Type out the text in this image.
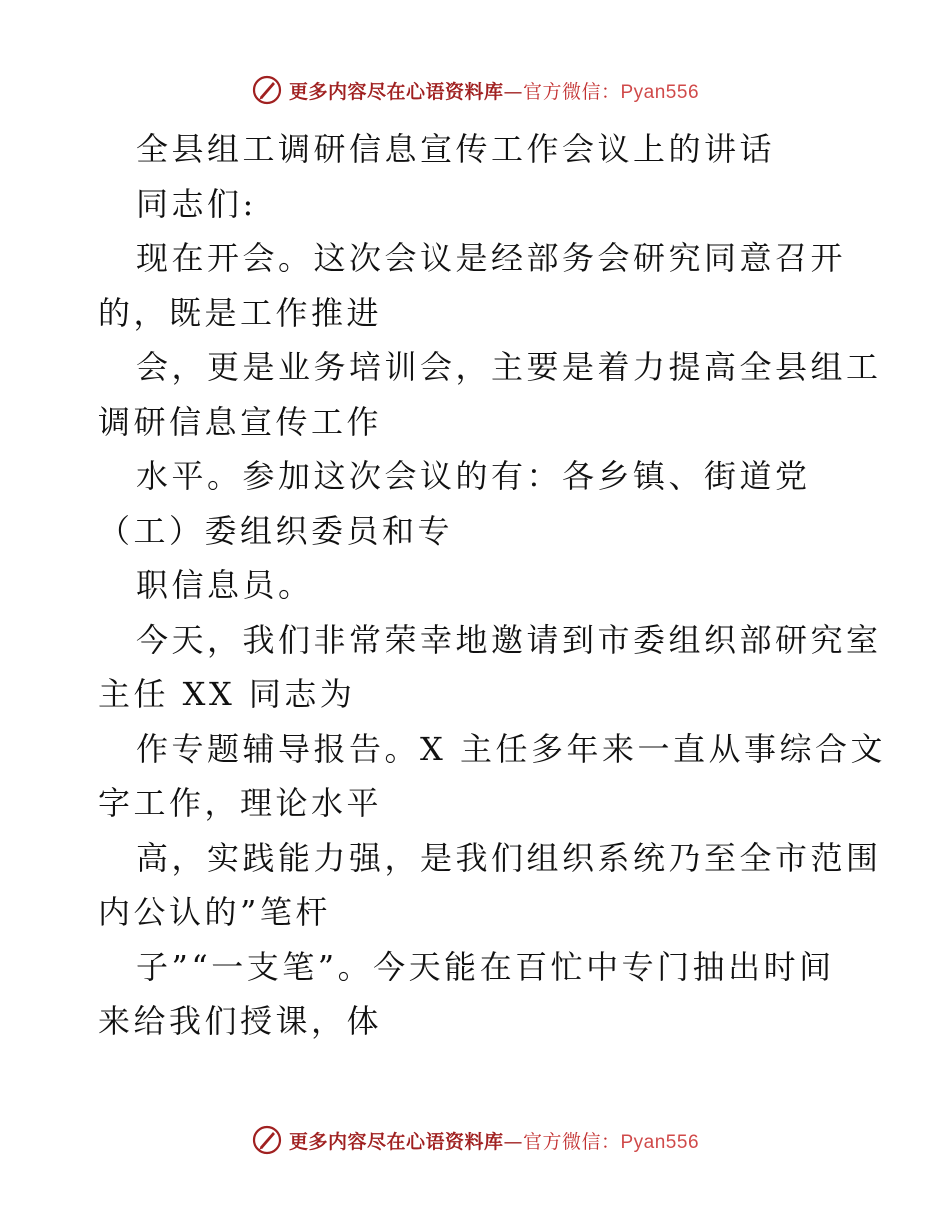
更多内容尽在心语资料库—官方微信：Pyan556
全县组工调研信息宣传工作会议上的讲话
同志们:
现在开会。这次会议是经部务会研究同意召开
的，既是工作推进
会，更是业务培训会，主要是着力提高全县组工
调研信息宣传工作
水平。参加这次会议的有：各乡镇、街道党
（工）委组织委员和专
职信息员。
今天，我们非常荣幸地邀请到市委组织部研究室
主任 XX 同志为
作专题辅导报告。X 主任多年来一直从事综合文
字工作，理论水平
高，实践能力强，是我们组织系统乃至全市范围
内公认的”笔杆
子”“一支笔”。今天能在百忙中专门抽出时间
来给我们授课，体
更多内容尽在心语资料库—官方微信：Pyan556
